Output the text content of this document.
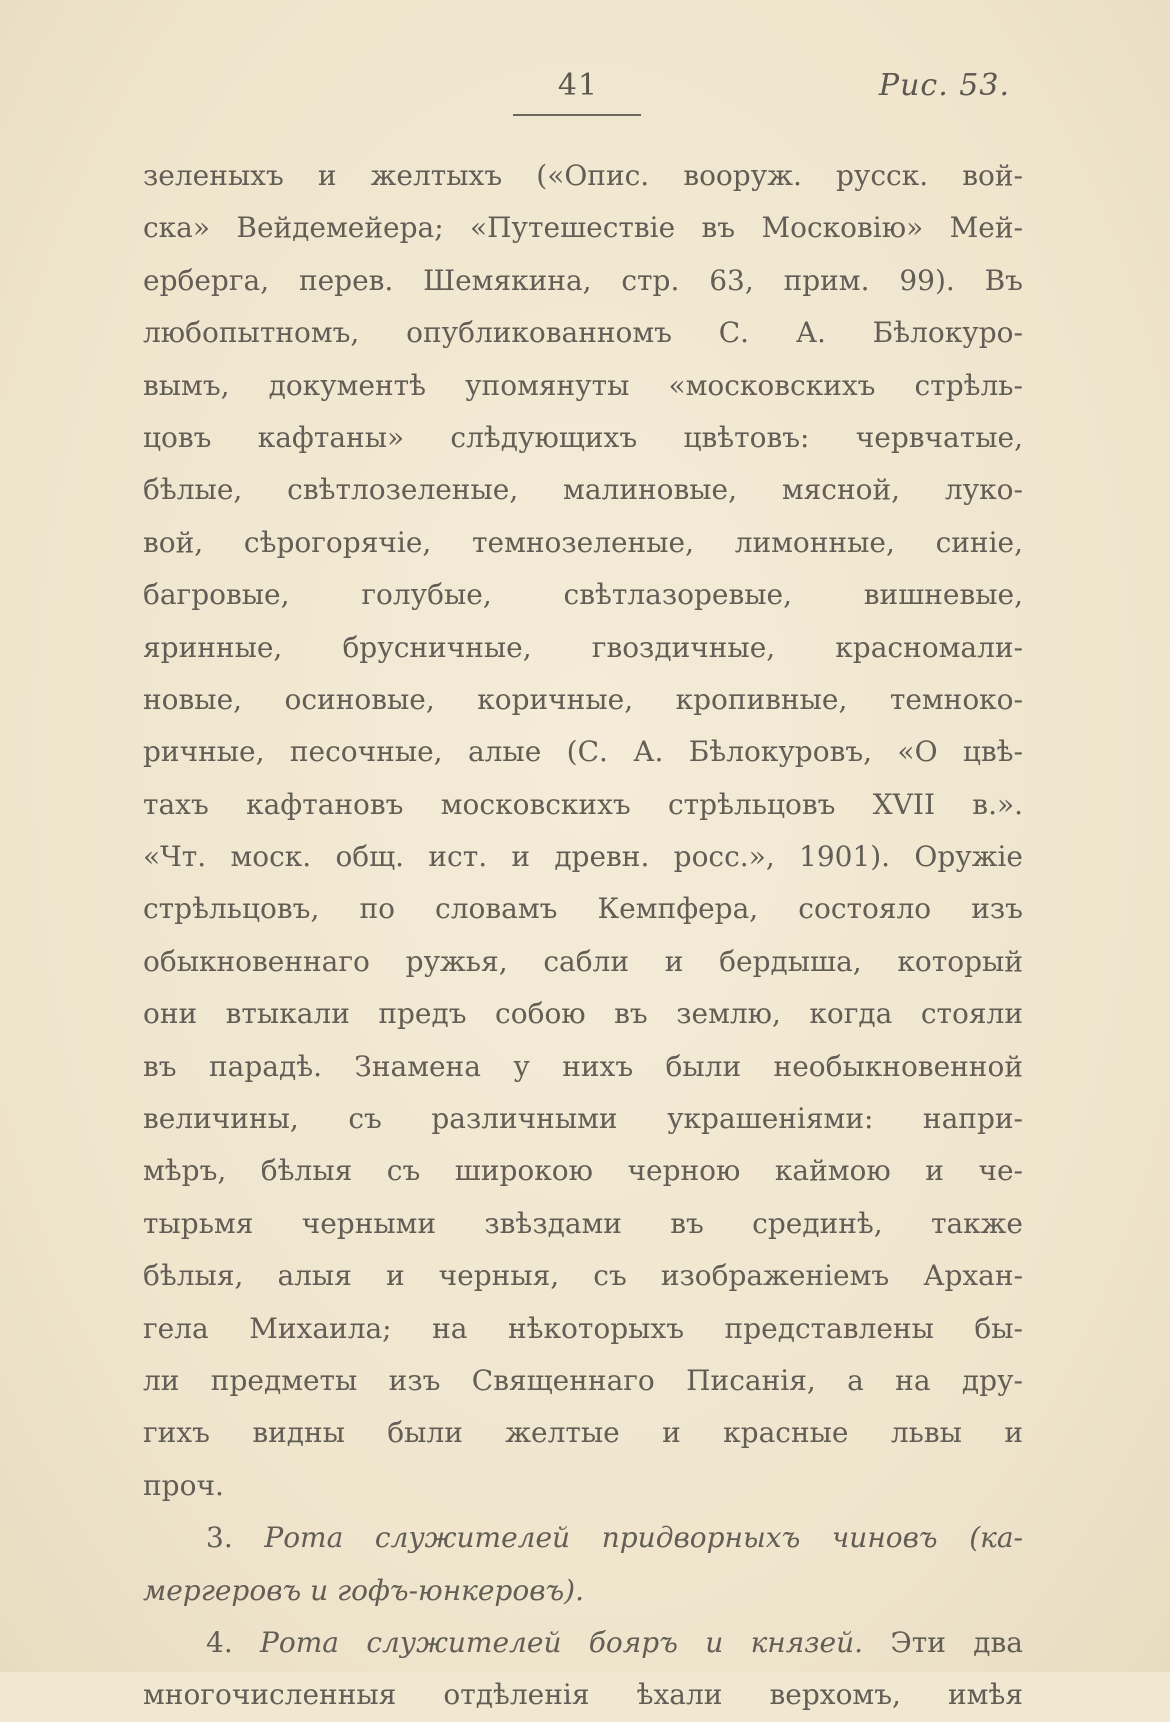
41	Рис. 53.
зеленыхъ и желтыхъ («Опис. вооруж. русск. вой-
ска» Вейдемейера; «Путешествіе въ Московію» Мей-
ерберга, перев. Шемякина, стр. 63, прим. 99). Въ
любопытномъ, опубликованномъ С. А. Бѣлокуро-
вымъ, документѣ упомянуты «московскихъ стрѣль-
цовъ кафтаны» слѣдующихъ цвѣтовъ: червчатые,
бѣлые, свѣтлозеленые, малиновые, мясной, луко-
вой, сѣрогорячіе, темнозеленые, лимонные, синіе,
багровые, голубые, свѣтлазоревые, вишневые,
яринные, брусничные, гвоздичные, красномали-
новые, осиновые, коричные, кропивные, темноко-
ричные, песочные, алые (С. А. Бѣлокуровъ, «О цвѣ-
тахъ кафтановъ московскихъ стрѣльцовъ XVII в.».
«Чт. моск. общ. ист. и древн. росс.», 1901). Оружіе
стрѣльцовъ, по словамъ Кемпфера, состояло изъ
обыкновеннаго ружья, сабли и бердыша, который
они втыкали предъ собою въ землю, когда стояли
въ парадѣ. Знамена у нихъ были необыкновенной
величины, съ различными украшеніями: напри-
мѣръ, бѣлыя съ широкою черною каймою и че-
тырьмя черными звѣздами въ срединѣ, также
бѣлыя, алыя и черныя, съ изображеніемъ Архан-
гела Михаила; на нѣкоторыхъ представлены бы-
ли предметы изъ Священнаго Писанія, а на дру-
гихъ видны были желтые и красные львы и
проч.
3. Рота служителей придворныхъ чиновъ (ка-
мергеровъ и гофъ-юнкеровъ).
4. Рота служителей бояръ и князей. Эти два
многочисленныя отдѣленія ѣхали верхомъ, имѣя
